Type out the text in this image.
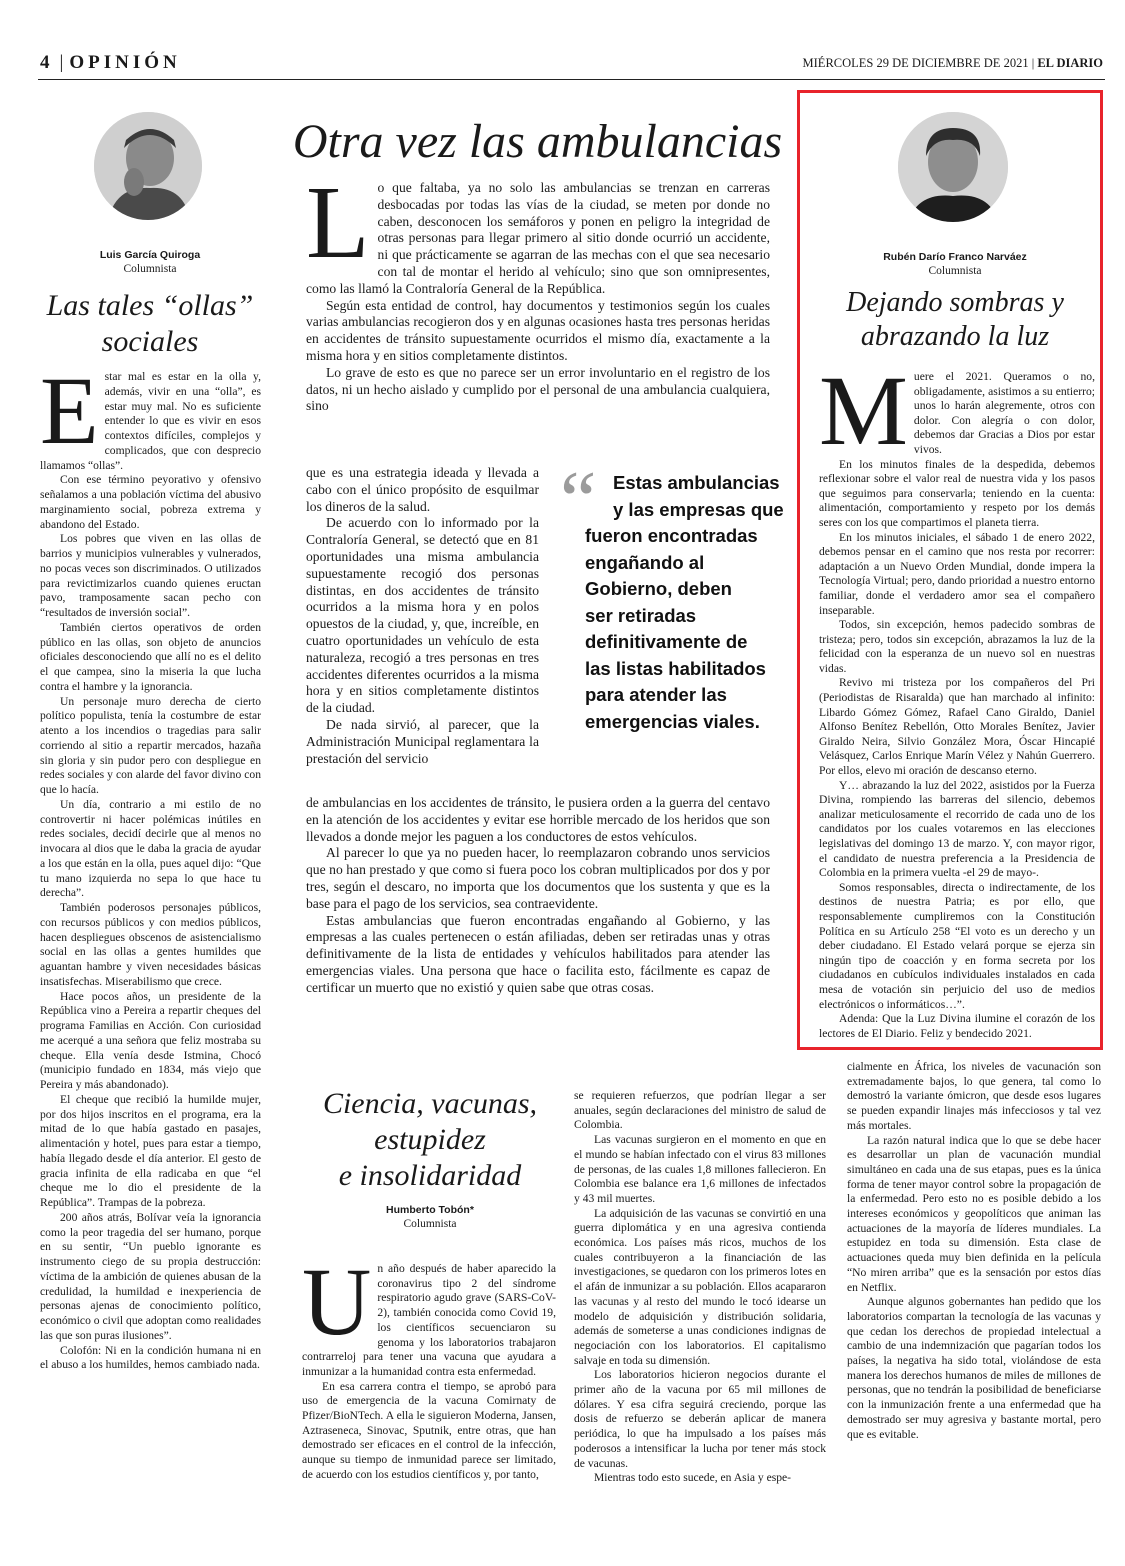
4 | OPINIÓN	MIÉRCOLES 29 DE DICIEMBRE DE 2021 | EL DIARIO
Luis García Quiroga
Columnista
Las tales “ollas”
sociales

Estar mal es estar en la olla y, además, vivir en una “olla”, es estar muy mal. No es suficiente entender lo que es vivir en esos contextos difíciles, complejos y complicados, que con desprecio llamamos “ollas”.

Con ese término peyorativo y ofensivo señalamos a una población víctima del abusivo marginamiento social, pobreza extrema y abandono del Estado.

Los pobres que viven en las ollas de barrios y municipios vulnerables y vulnerados, no pocas veces son discriminados. O utilizados para revictimizarlos cuando quienes eructan pavo, tramposamente sacan pecho con “resultados de inversión social”.

También ciertos operativos de orden público en las ollas, son objeto de anuncios oficiales desconociendo que allí no es el delito el que campea, sino la miseria la que lucha contra el hambre y la ignorancia.

Un personaje muro derecha de cierto político populista, tenía la costumbre de estar atento a los incendios o tragedias para salir corriendo al sitio a repartir mercados, hazaña sin gloria y sin pudor pero con despliegue en redes sociales y con alarde del favor divino con que lo hacía.

Un día, contrario a mi estilo de no controvertir ni hacer polémicas inútiles en redes sociales, decidí decirle que al menos no invocara al dios que le daba la gracia de ayudar a los que están en la olla, pues aquel dijo: “Que tu mano izquierda no sepa lo que hace tu derecha”.

También poderosos personajes públicos, con recursos públicos y con medios públicos, hacen despliegues obscenos de asistencialismo social en las ollas a gentes humildes que aguantan hambre y viven necesidades básicas insatisfechas. Miserabilismo que crece.

Hace pocos años, un presidente de la República vino a Pereira a repartir cheques del programa Familias en Acción. Con curiosidad me acerqué a una señora que feliz mostraba su cheque. Ella venía desde Istmina, Chocó (municipio fundado en 1834, más viejo que Pereira y más abandonado).

El cheque que recibió la humilde mujer, por dos hijos inscritos en el programa, era la mitad de lo que había gastado en pasajes, alimentación y hotel, pues para estar a tiempo, había llegado desde el día anterior. El gesto de gracia infinita de ella radicaba en que “el cheque me lo dio el presidente de la República”. Trampas de la pobreza.

200 años atrás, Bolívar veía la ignorancia como la peor tragedia del ser humano, porque en su sentir, “Un pueblo ignorante es instrumento ciego de su propia destrucción: víctima de la ambición de quienes abusan de la credulidad, la humildad e inexperiencia de personas ajenas de conocimiento político, económico o civil que adoptan como realidades las que son puras ilusiones”.

Colofón: Ni en la condición humana ni en el abuso a los humildes, hemos cambiado nada.

Otra vez las ambulancias

Lo que faltaba, ya no solo las ambulancias se trenzan en carreras desbocadas por todas las vías de la ciudad, se meten por donde no caben, desconocen los semáforos y ponen en peligro la integridad de otras personas para llegar primero al sitio donde ocurrió un accidente, ni que prácticamente se agarran de las mechas con el que sea necesario con tal de montar el herido al vehículo; sino que son omnipresentes, como las llamó la Contraloría General de la República.

Según esta entidad de control, hay documentos y testimonios según los cuales varias ambulancias recogieron dos y en algunas ocasiones hasta tres personas heridas en accidentes de tránsito supuestamente ocurridos el mismo día, exactamente a la misma hora y en sitios completamente distintos.

Lo grave de esto es que no parece ser un error involuntario en el registro de los datos, ni un hecho aislado y cumplido por el personal de una ambulancia cualquiera, sino

que es una estrategia ideada y llevada a cabo con el único propósito de esquilmar los dineros de la salud.

De acuerdo con lo informado por la Contraloría General, se detectó que en 81 oportunidades una misma ambulancia supuestamente recogió dos personas distintas, en dos accidentes de tránsito ocurridos a la misma hora y en polos opuestos de la ciudad, y, que, increíble, en cuatro oportunidades un vehículo de esta naturaleza, recogió a tres personas en tres accidentes diferentes ocurridos a la misma hora y en sitios completamente distintos de la ciudad.

De nada sirvió, al parecer, que la Administración Municipal reglamentara la prestación del servicio

“ Estas ambulancias
y las empresas que
fueron encontradas
engañando al
Gobierno, deben
ser retiradas
definitivamente de
las listas habilitados
para atender las
emergencias viales.

de ambulancias en los accidentes de tránsito, le pusiera orden a la guerra del centavo en la atención de los accidentes y evitar ese horrible mercado de los heridos que son llevados a donde mejor les paguen a los conductores de estos vehículos.

Al parecer lo que ya no pueden hacer, lo reemplazaron cobrando unos servicios que no han prestado y que como si fuera poco los cobran multiplicados por dos y por tres, según el descaro, no importa que los documentos que los sustenta y que es la base para el pago de los servicios, sea contraevidente.

Estas ambulancias que fueron encontradas engañando al Gobierno, y las empresas a las cuales pertenecen o están afiliadas, deben ser retiradas unas y otras definitivamente de la lista de entidades y vehículos habilitados para atender las emergencias viales. Una persona que hace o facilita esto, fácilmente es capaz de certificar un muerto que no existió y quien sabe que otras cosas.

Rubén Darío Franco Narváez
Columnista
Dejando sombras y
abrazando la luz

Muere el 2021. Queramos o no, obligadamente, asistimos a su entierro; unos lo harán alegremente, otros con dolor. Con alegría o con dolor, debemos dar Gracias a Dios por estar vivos.

En los minutos finales de la despedida, debemos reflexionar sobre el valor real de nuestra vida y los pasos que seguimos para conservarla; teniendo en la cuenta: alimentación, comportamiento y respeto por los demás seres con los que compartimos el planeta tierra.

En los minutos iniciales, el sábado 1 de enero 2022, debemos pensar en el camino que nos resta por recorrer: adaptación a un Nuevo Orden Mundial, donde impera la Tecnología Virtual; pero, dando prioridad a nuestro entorno familiar, donde el verdadero amor sea el compañero inseparable.

Todos, sin excepción, hemos padecido sombras de tristeza; pero, todos sin excepción, abrazamos la luz de la felicidad con la esperanza de un nuevo sol en nuestras vidas.

Revivo mi tristeza por los compañeros del Pri (Periodistas de Risaralda) que han marchado al infinito: Libardo Gómez Gómez, Rafael Cano Giraldo, Daniel Alfonso Benítez Rebellón, Otto Morales Benítez, Javier Giraldo Neira, Silvio González Mora, Óscar Hincapié Velásquez, Carlos Enrique Marín Vélez y Nahún Guerrero. Por ellos, elevo mi oración de descanso eterno.

Y… abrazando la luz del 2022, asistidos por la Fuerza Divina, rompiendo las barreras del silencio, debemos analizar meticulosamente el recorrido de cada uno de los candidatos por los cuales votaremos en las elecciones legislativas del domingo 13 de marzo. Y, con mayor rigor, el candidato de nuestra preferencia a la Presidencia de Colombia en la primera vuelta -el 29 de mayo-.

Somos responsables, directa o indirectamente, de los destinos de nuestra Patria; es por ello, que responsablemente cumpliremos con la Constitución Política en su Artículo 258 “El voto es un derecho y un deber ciudadano. El Estado velará porque se ejerza sin ningún tipo de coacción y en forma secreta por los ciudadanos en cubículos individuales instalados en cada mesa de votación sin perjuicio del uso de medios electrónicos o informáticos…”.

Adenda: Que la Luz Divina ilumine el corazón de los lectores de El Diario. Feliz y bendecido 2021.

Ciencia, vacunas,
estupidez
e insolidaridad
Humberto Tobón*
Columnista

Un año después de haber aparecido la coronavirus tipo 2 del síndrome respiratorio agudo grave (SARS-CoV-2), también conocida como Covid 19, los científicos secuenciaron su genoma y los laboratorios trabajaron contrarreloj para tener una vacuna que ayudara a inmunizar a la humanidad contra esta enfermedad.

En esa carrera contra el tiempo, se aprobó para uso de emergencia de la vacuna Comirnaty de Pfizer/BioNTech. A ella le siguieron Moderna, Jansen, Aztraseneca, Sinovac, Sputnik, entre otras, que han demostrado ser eficaces en el control de la infección, aunque su tiempo de inmunidad parece ser limitado, de acuerdo con los estudios científicos y, por tanto,

se requieren refuerzos, que podrían llegar a ser anuales, según declaraciones del ministro de salud de Colombia.

Las vacunas surgieron en el momento en que en el mundo se habían infectado con el virus 83 millones de personas, de las cuales 1,8 millones fallecieron. En Colombia ese balance era 1,6 millones de infectados y 43 mil muertes.

La adquisición de las vacunas se convirtió en una guerra diplomática y en una agresiva contienda económica. Los países más ricos, muchos de los cuales contribuyeron a la financiación de las investigaciones, se quedaron con los primeros lotes en el afán de inmunizar a su población. Ellos acapararon las vacunas y al resto del mundo le tocó idearse un modelo de adquisición y distribución solidaria, además de someterse a unas condiciones indignas de negociación con los laboratorios. El capitalismo salvaje en toda su dimensión.

Los laboratorios hicieron negocios durante el primer año de la vacuna por 65 mil millones de dólares. Y esa cifra seguirá creciendo, porque las dosis de refuerzo se deberán aplicar de manera periódica, lo que ha impulsado a los países más poderosos a intensificar la lucha por tener más stock de vacunas.

Mientras todo esto sucede, en Asia y espe-

cialmente en África, los niveles de vacunación son extremadamente bajos, lo que genera, tal como lo demostró la variante ómicron, que desde esos lugares se pueden expandir linajes más infecciosos y tal vez más mortales.

La razón natural indica que lo que se debe hacer es desarrollar un plan de vacunación mundial simultáneo en cada una de sus etapas, pues es la única forma de tener mayor control sobre la propagación de la enfermedad. Pero esto no es posible debido a los intereses económicos y geopolíticos que animan las actuaciones de la mayoría de líderes mundiales. La estupidez en toda su dimensión. Esta clase de actuaciones queda muy bien definida en la película “No miren arriba” que es la sensación por estos días en Netflix.

Aunque algunos gobernantes han pedido que los laboratorios compartan la tecnología de las vacunas y que cedan los derechos de propiedad intelectual a cambio de una indemnización que pagarían todos los países, la negativa ha sido total, violándose de esta manera los derechos humanos de miles de millones de personas, que no tendrán la posibilidad de beneficiarse con la inmunización frente a una enfermedad que ha demostrado ser muy agresiva y bastante mortal, pero que es evitable.
